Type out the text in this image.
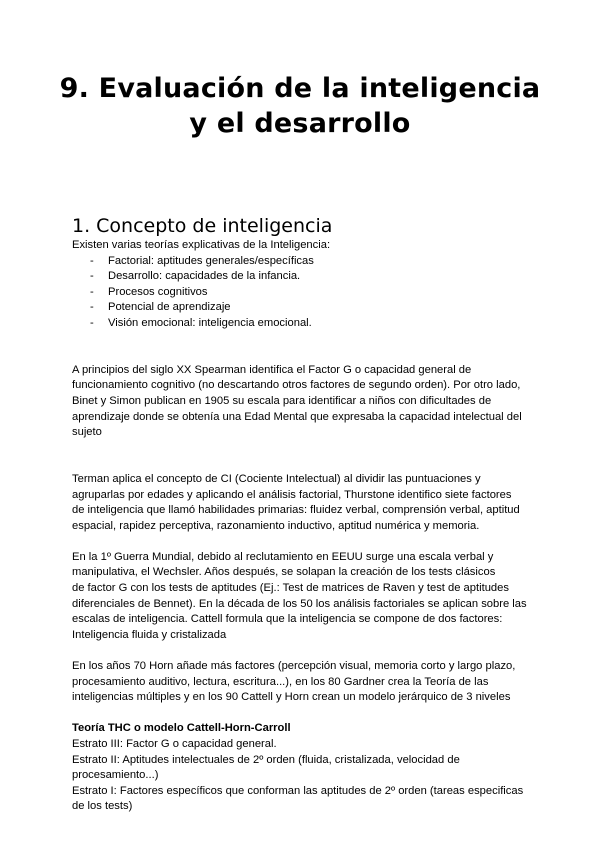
9. Evaluación de la inteligencia
y el desarrollo
1. Concepto de inteligencia

Existen varias teorías explicativas de la Inteligencia:

- Factorial: aptitudes generales/específicas
- Desarrollo: capacidades de la infancia.
- Procesos cognitivos
- Potencial de aprendizaje
- Visión emocional: inteligencia emocional.

A principios del siglo XX Spearman identifica el Factor G o capacidad general de
funcionamiento cognitivo (no descartando otros factores de segundo orden). Por otro lado,
Binet y Simon publican en 1905 su escala para identificar a niños con dificultades de
aprendizaje donde se obtenía una Edad Mental que expresaba la capacidad intelectual del
sujeto

Terman aplica el concepto de CI (Cociente Intelectual) al dividir las puntuaciones y
agruparlas por edades y aplicando el análisis factorial, Thurstone identifico siete factores
de inteligencia que llamó habilidades primarias: fluidez verbal, comprensión verbal, aptitud
espacial, rapidez perceptiva, razonamiento inductivo, aptitud numérica y memoria.

En la 1º Guerra Mundial, debido al reclutamiento en EEUU surge una escala verbal y
manipulativa, el Wechsler. Años después, se solapan la creación de los tests clásicos
de factor G con los tests de aptitudes (Ej.: Test de matrices de Raven y test de aptitudes
diferenciales de Bennet). En la década de los 50 los análisis factoriales se aplican sobre las
escalas de inteligencia. Cattell formula que la inteligencia se compone de dos factores:
Inteligencia fluida y cristalizada

En los años 70 Horn añade más factores (percepción visual, memoria corto y largo plazo,
procesamiento auditivo, lectura, escritura...), en los 80 Gardner crea la Teoría de las
inteligencias múltiples y en los 90 Cattell y Horn crean un modelo jerárquico de 3 niveles

Teoría THC o modelo Cattell-Horn-Carroll

Estrato III: Factor G o capacidad general.
Estrato II: Aptitudes intelectuales de 2º orden (fluida, cristalizada, velocidad de
procesamiento...)
Estrato I: Factores específicos que conforman las aptitudes de 2º orden (tareas especificas
de los tests)
